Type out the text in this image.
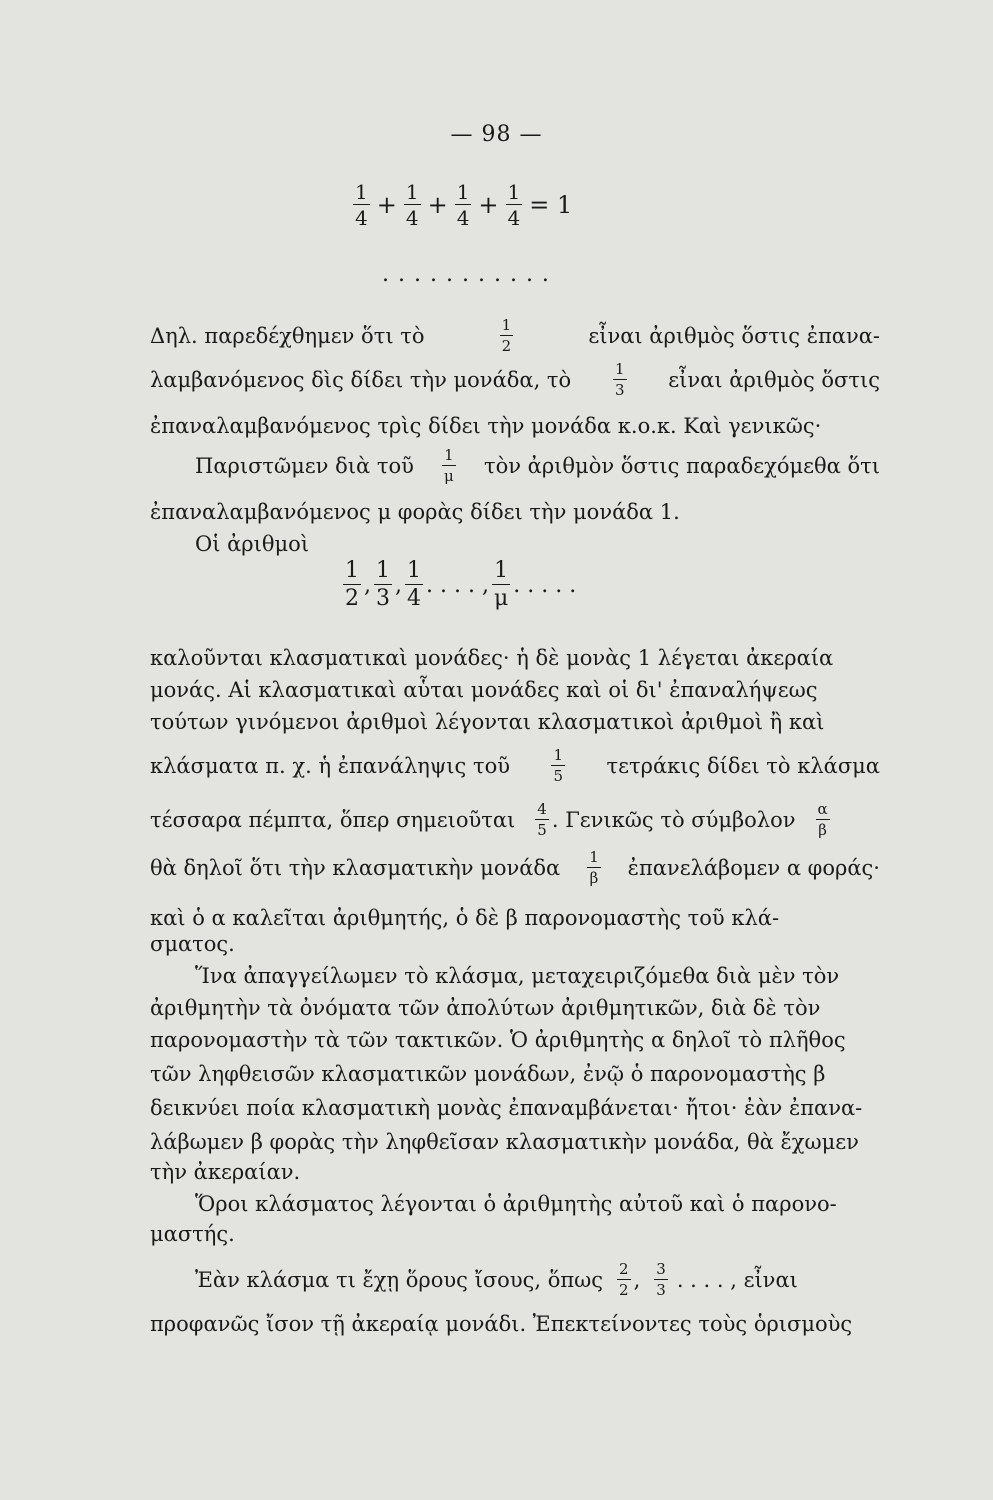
— 98 —
$\frac{1}{4} + \frac{1}{4} + \frac{1}{4} + \frac{1}{4} = 1$
...........
Δηλ. παρεδέχθημεν ὅτι τὸ	$\frac{1}{2}$	εἶναι ἀριθμὸς ὅστις ἐπανα-
λαμβανόμενος δὶς δίδει τὴν μονάδα, τὸ	$\frac{1}{3}$ εἶναι ἀριθμὸς ὅστις
ἐπαναλαμβανόμενος τρὶς δίδει τὴν μονάδα κ.ο.κ. Καὶ γενικῶς·
Παριστῶμεν διὰ τοῦ $\frac{1}{\mu}$ τὸν ἀριθμὸν ὅστις παραδεχόμεθα ὅτι
ἐπαναλαμβανόμενος μ φορὰς δίδει τὴν μονάδα 1.
Οἱ ἀριθμοὶ
$\frac{1}{2}$ , $\frac{1}{3}$ , $\frac{1}{4}$ . . . . , $\frac{1}{\mu}$ . . . . .
καλοῦνται κλασματικαὶ μονάδες· ἡ δὲ μονὰς 1 λέγεται ἀκεραία
μονάς. Αἱ κλασματικαὶ αὗται μονάδες καὶ οἱ δι' ἐπαναλήψεως
τούτων γινόμενοι ἀριθμοὶ λέγονται κλασματικοὶ ἀριθμοὶ ἢ καὶ
κλάσματα π. χ. ἡ ἐπανάληψις τοῦ	$\frac{1}{5}$ τετράκις δίδει τὸ κλάσμα
τέσσαρα πέμπτα, ὅπερ σημειοῦται $\frac{4}{5}$ . Γενικῶς τὸ σύμβολον $\frac{\alpha}{\beta}$
θὰ δηλοῖ ὅτι τὴν κλασματικὴν μονάδα $\frac{1}{\beta}$ ἐπανελάβομεν α φοράς·
καὶ ὁ α καλεῖται ἀριθμητής, ὁ δὲ β παρονομαστὴς τοῦ κλά-
σματος.
Ἵνα ἀπαγγείλωμεν τὸ κλάσμα, μεταχειριζόμεθα διὰ μὲν τὸν
ἀριθμητὴν τὰ ὀνόματα τῶν ἀπολύτων ἀριθμητικῶν, διὰ δὲ τὸν
παρονομαστὴν τὰ τῶν τακτικῶν. Ὁ ἀριθμητὴς α δηλοῖ τὸ πλῆθος
τῶν ληφθεισῶν κλασματικῶν μονάδων, ἐνῷ ὁ παρονομαστὴς β
δεικνύει ποία κλασματικὴ μονὰς ἐπαναμβάνεται· ἤτοι· ἐὰν ἐπανα-
λάβωμεν β φορὰς τὴν ληφθεῖσαν κλασματικὴν μονάδα, θὰ ἔχωμεν
τὴν ἀκεραίαν.
Ὅροι κλάσματος λέγονται ὁ ἀριθμητὴς αὐτοῦ καὶ ὁ παρονο-
μαστής.
Ἐὰν κλάσμα τι ἔχῃ ὅρους ἴσους, ὅπως $\frac{2}{2}$ , $\frac{3}{3}$ . . . . , εἶναι
προφανῶς ἴσον τῇ ἀκεραίᾳ μονάδι. Ἐπεκτείνοντες τοὺς ὁρισμοὺς
